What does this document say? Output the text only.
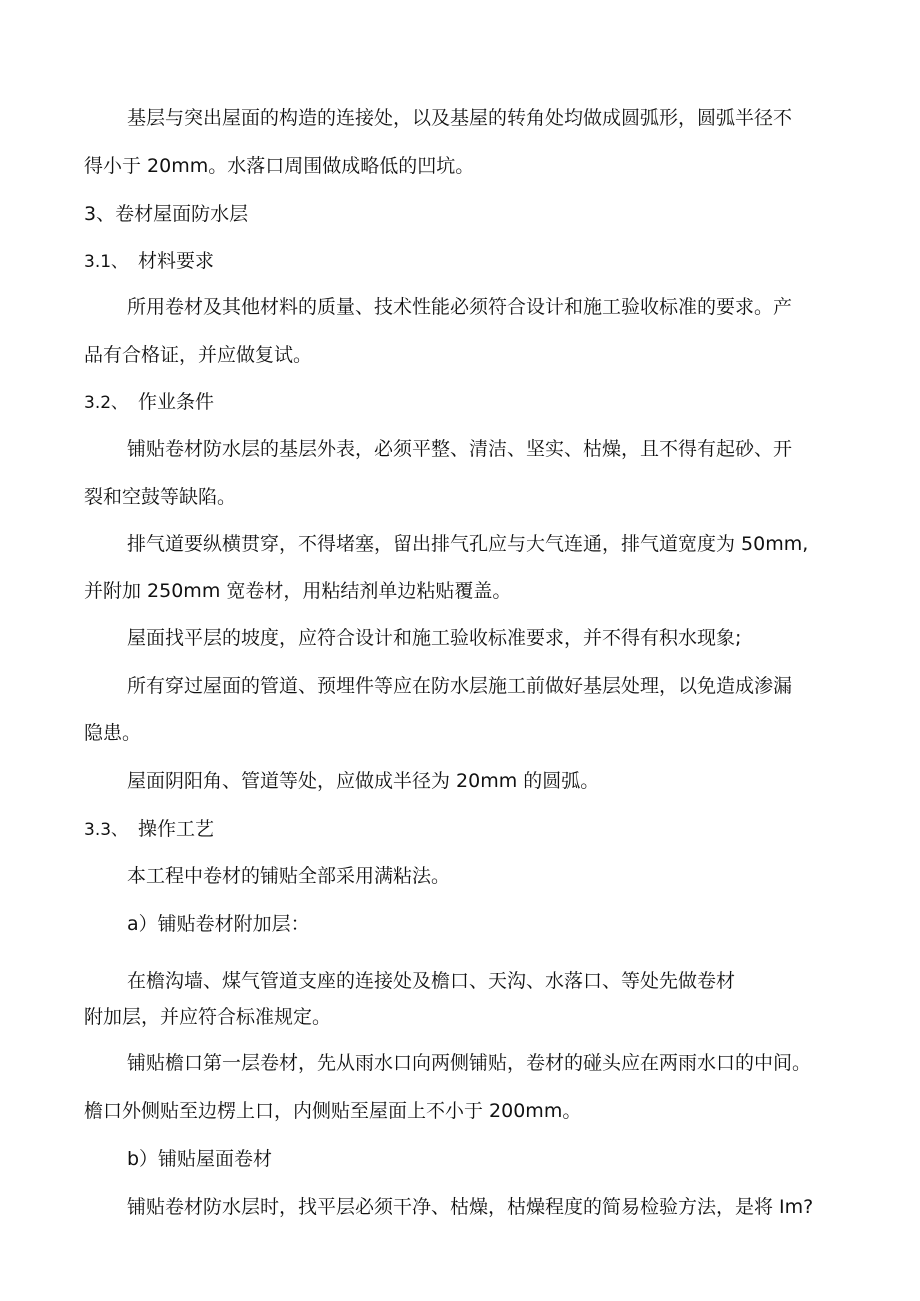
基层与突出屋面的构造的连接处，以及基屋的转角处均做成圆弧形，圆弧半径不
得小于 20mm。水落口周围做成略低的凹坑。
3、卷材屋面防水层
3.1、 材料要求
所用卷材及其他材料的质量、技术性能必须符合设计和施工验收标准的要求。产
品有合格证，并应做复试。
3.2、 作业条件
铺贴卷材防水层的基层外表，必须平整、清洁、坚实、枯燥，且不得有起砂、开
裂和空鼓等缺陷。
排气道要纵横贯穿，不得堵塞，留出排气孔应与大气连通，排气道宽度为 50mm,
并附加 250mm 宽卷材，用粘结剂单边粘贴覆盖。
屋面找平层的坡度，应符合设计和施工验收标准要求，并不得有积水现象;
所有穿过屋面的管道、预埋件等应在防水层施工前做好基层处理，以免造成渗漏
隐患。
屋面阴阳角、管道等处，应做成半径为 20mm 的圆弧。
3.3、 操作工艺
本工程中卷材的铺贴全部采用满粘法。
a）铺贴卷材附加层：
在檐沟墙、煤气管道支座的连接处及檐口、天沟、水落口、等处先做卷材
附加层，并应符合标准规定。
铺贴檐口第一层卷材，先从雨水口向两侧铺贴，卷材的碰头应在两雨水口的中间。
檐口外侧贴至边楞上口，内侧贴至屋面上不小于 200mm。
b）铺贴屋面卷材
铺贴卷材防水层时，找平层必须干净、枯燥，枯燥程度的简易检验方法，是将 Im?
